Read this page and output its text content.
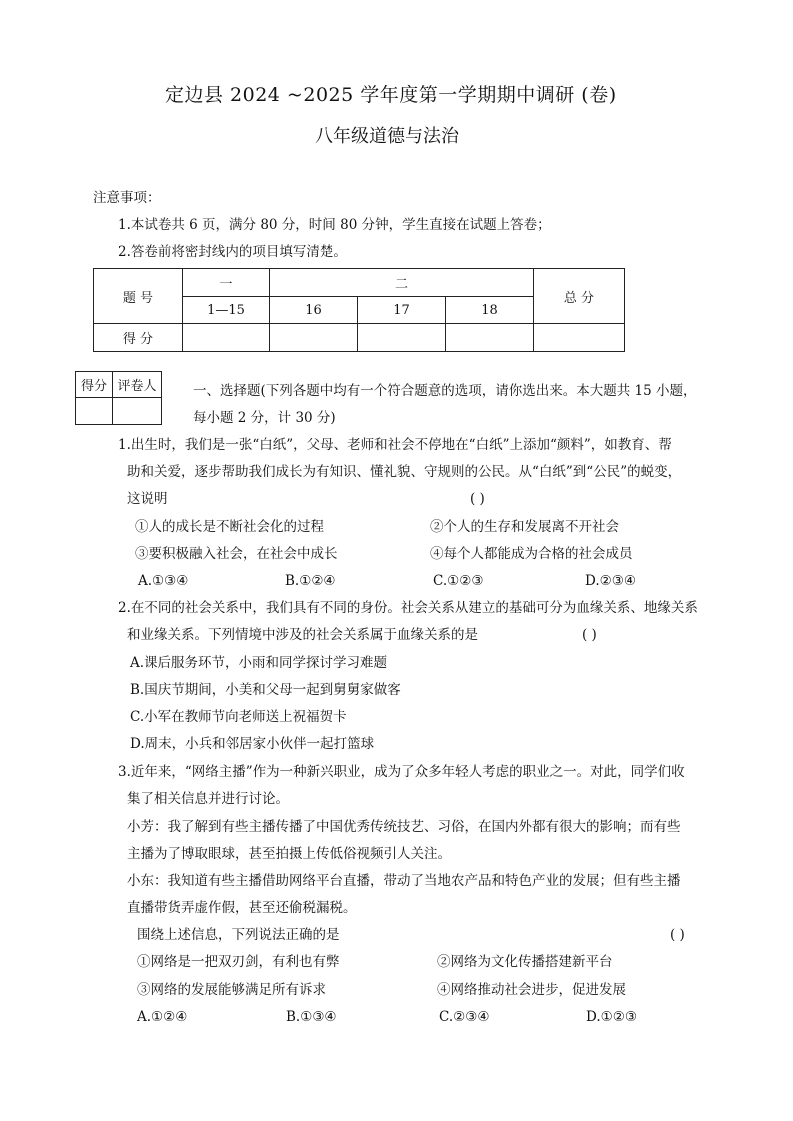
定边县 2024 ~2025 学年度第一学期期中调研 (卷)
八年级道德与法治
注意事项：
1.本试卷共 6 页，满分 80 分，时间 80 分钟，学生直接在试题上答卷；
2.答卷前将密封线内的项目填写清楚。
题 号	一	二			总 分
	1—15	16	17	18	
得 分					
得分	评卷人
		一、选择题(下列各题中均有一个符合题意的选项，请你选出来。本大题共 15 小题，
每小题 2 分，计 30 分)
1.出生时，我们是一张“白纸”，父母、老师和社会不停地在“白纸”上添加“颜料”，如教育、帮
助和关爱，逐步帮助我们成长为有知识、懂礼貌、守规则的公民。从“白纸”到“公民”的蜕变，
这说明	( )
①人的成长是不断社会化的过程	②个人的生存和发展离不开社会
③要积极融入社会，在社会中成长	④每个人都能成为合格的社会成员
A.①③④	B.①②④	C.①②③	D.②③④
2.在不同的社会关系中，我们具有不同的身份。社会关系从建立的基础可分为血缘关系、地缘关系
和业缘关系。下列情境中涉及的社会关系属于血缘关系的是	( )
A.课后服务环节，小雨和同学探讨学习难题
B.国庆节期间，小美和父母一起到舅舅家做客
C.小军在教师节向老师送上祝福贺卡
D.周末，小兵和邻居家小伙伴一起打篮球
3.近年来，“网络主播”作为一种新兴职业，成为了众多年轻人考虑的职业之一。对此，同学们收
集了相关信息并进行讨论。
小芳：我了解到有些主播传播了中国优秀传统技艺、习俗，在国内外都有很大的影响；而有些
主播为了博取眼球，甚至拍摄上传低俗视频引人关注。
小东：我知道有些主播借助网络平台直播，带动了当地农产品和特色产业的发展；但有些主播
直播带货弄虚作假，甚至还偷税漏税。
围绕上述信息，下列说法正确的是	( )
①网络是一把双刃剑，有利也有弊	②网络为文化传播搭建新平台
③网络的发展能够满足所有诉求	④网络推动社会进步，促进发展
A.①②④	B.①③④	C.②③④	D.①②③
